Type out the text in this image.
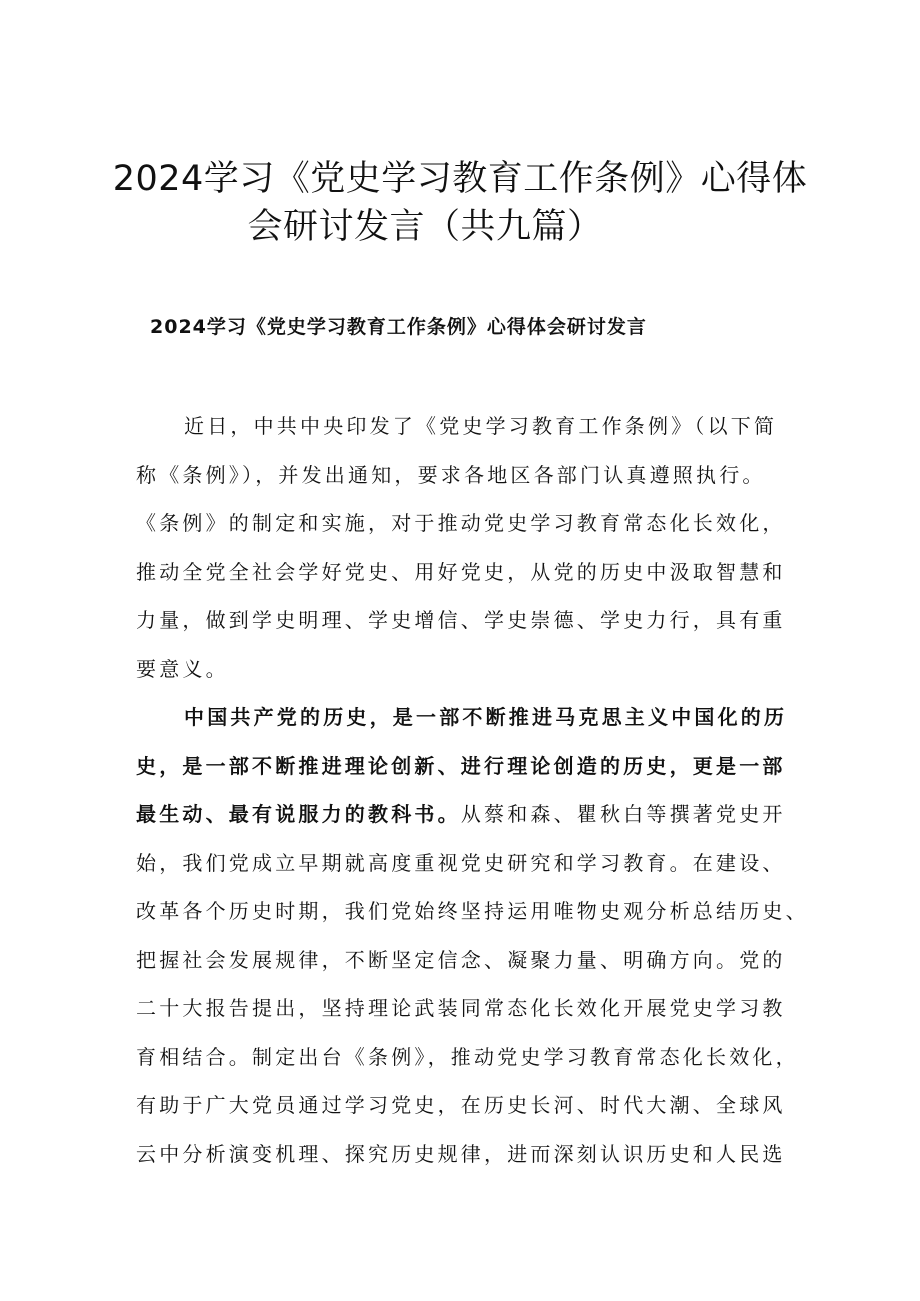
2024学习《党史学习教育工作条例》心得体
会研讨发言（共九篇）
2024学习《党史学习教育工作条例》心得体会研讨发言
近日，中共中央印发了《党史学习教育工作条例》（以下简
称《条例》），并发出通知，要求各地区各部门认真遵照执行。
《条例》的制定和实施，对于推动党史学习教育常态化长效化，
推动全党全社会学好党史、用好党史，从党的历史中汲取智慧和
力量，做到学史明理、学史增信、学史崇德、学史力行，具有重
要意义。
中国共产党的历史，是一部不断推进马克思主义中国化的历
史，是一部不断推进理论创新、进行理论创造的历史，更是一部
最生动、最有说服力的教科书。从蔡和森、瞿秋白等撰著党史开
始，我们党成立早期就高度重视党史研究和学习教育。在建设、
改革各个历史时期，我们党始终坚持运用唯物史观分析总结历史、
把握社会发展规律，不断坚定信念、凝聚力量、明确方向。党的
二十大报告提出，坚持理论武装同常态化长效化开展党史学习教
育相结合。制定出台《条例》，推动党史学习教育常态化长效化，
有助于广大党员通过学习党史，在历史长河、时代大潮、全球风
云中分析演变机理、探究历史规律，进而深刻认识历史和人民选
